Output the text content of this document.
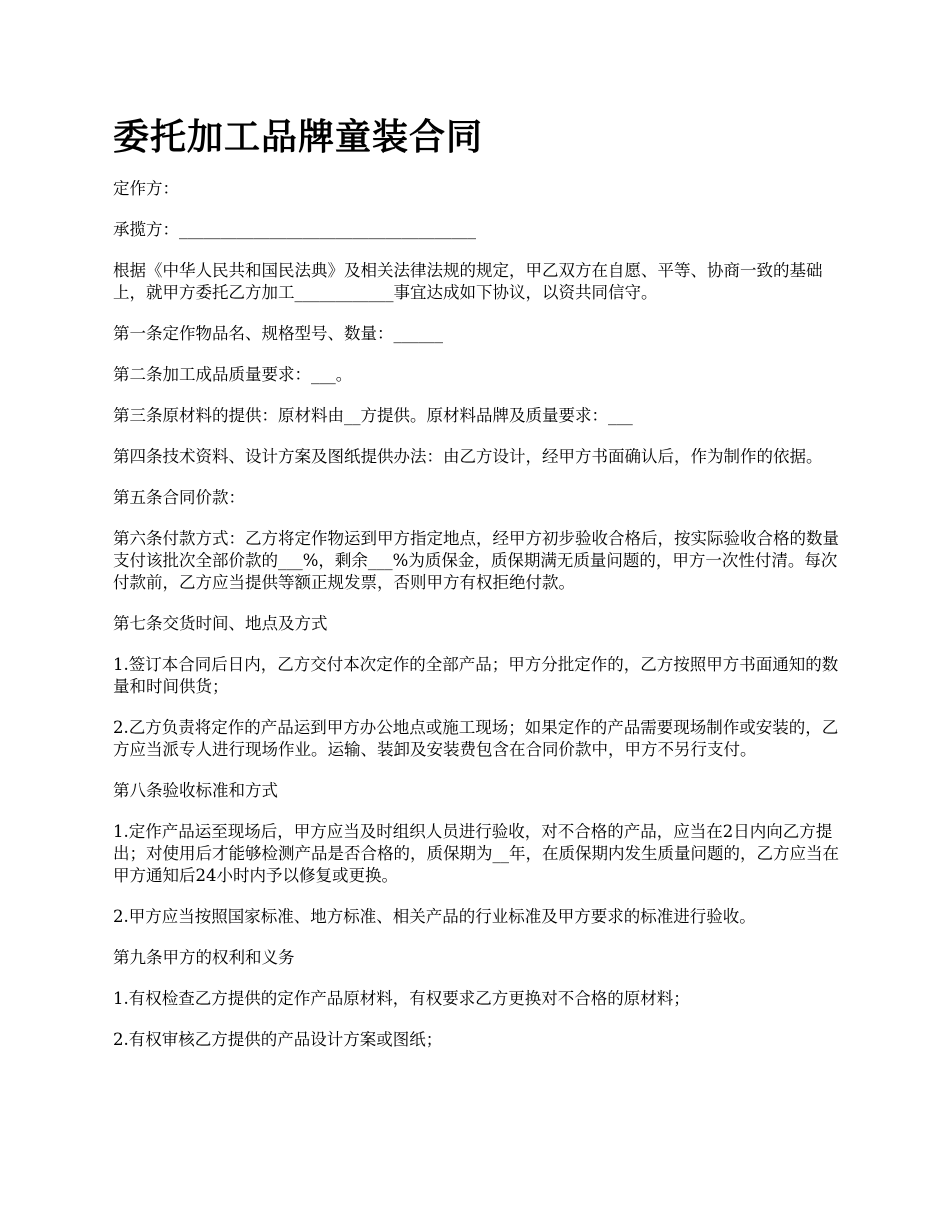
委托加工品牌童装合同

定作方：

承揽方：____________________________________

根据《中华人民共和国民法典》及相关法律法规的规定，甲乙双方在自愿、平等、协商一致的基础上，就甲方委托乙方加工____________事宜达成如下协议，以资共同信守。

第一条定作物品名、规格型号、数量：______

第二条加工成品质量要求：___。

第三条原材料的提供：原材料由__方提供。原材料品牌及质量要求：___

第四条技术资料、设计方案及图纸提供办法：由乙方设计，经甲方书面确认后，作为制作的依据。

第五条合同价款：

第六条付款方式：乙方将定作物运到甲方指定地点，经甲方初步验收合格后，按实际验收合格的数量支付该批次全部价款的___%，剩余___%为质保金，质保期满无质量问题的，甲方一次性付清。每次付款前，乙方应当提供等额正规发票，否则甲方有权拒绝付款。

第七条交货时间、地点及方式

1.签订本合同后日内，乙方交付本次定作的全部产品；甲方分批定作的，乙方按照甲方书面通知的数量和时间供货；

2.乙方负责将定作的产品运到甲方办公地点或施工现场；如果定作的产品需要现场制作或安装的，乙方应当派专人进行现场作业。运输、装卸及安装费包含在合同价款中，甲方不另行支付。

第八条验收标准和方式

1.定作产品运至现场后，甲方应当及时组织人员进行验收，对不合格的产品，应当在2日内向乙方提出；对使用后才能够检测产品是否合格的，质保期为__年，在质保期内发生质量问题的，乙方应当在甲方通知后24小时内予以修复或更换。

2.甲方应当按照国家标准、地方标准、相关产品的行业标准及甲方要求的标准进行验收。

第九条甲方的权利和义务

1.有权检查乙方提供的定作产品原材料，有权要求乙方更换对不合格的原材料；

2.有权审核乙方提供的产品设计方案或图纸；
